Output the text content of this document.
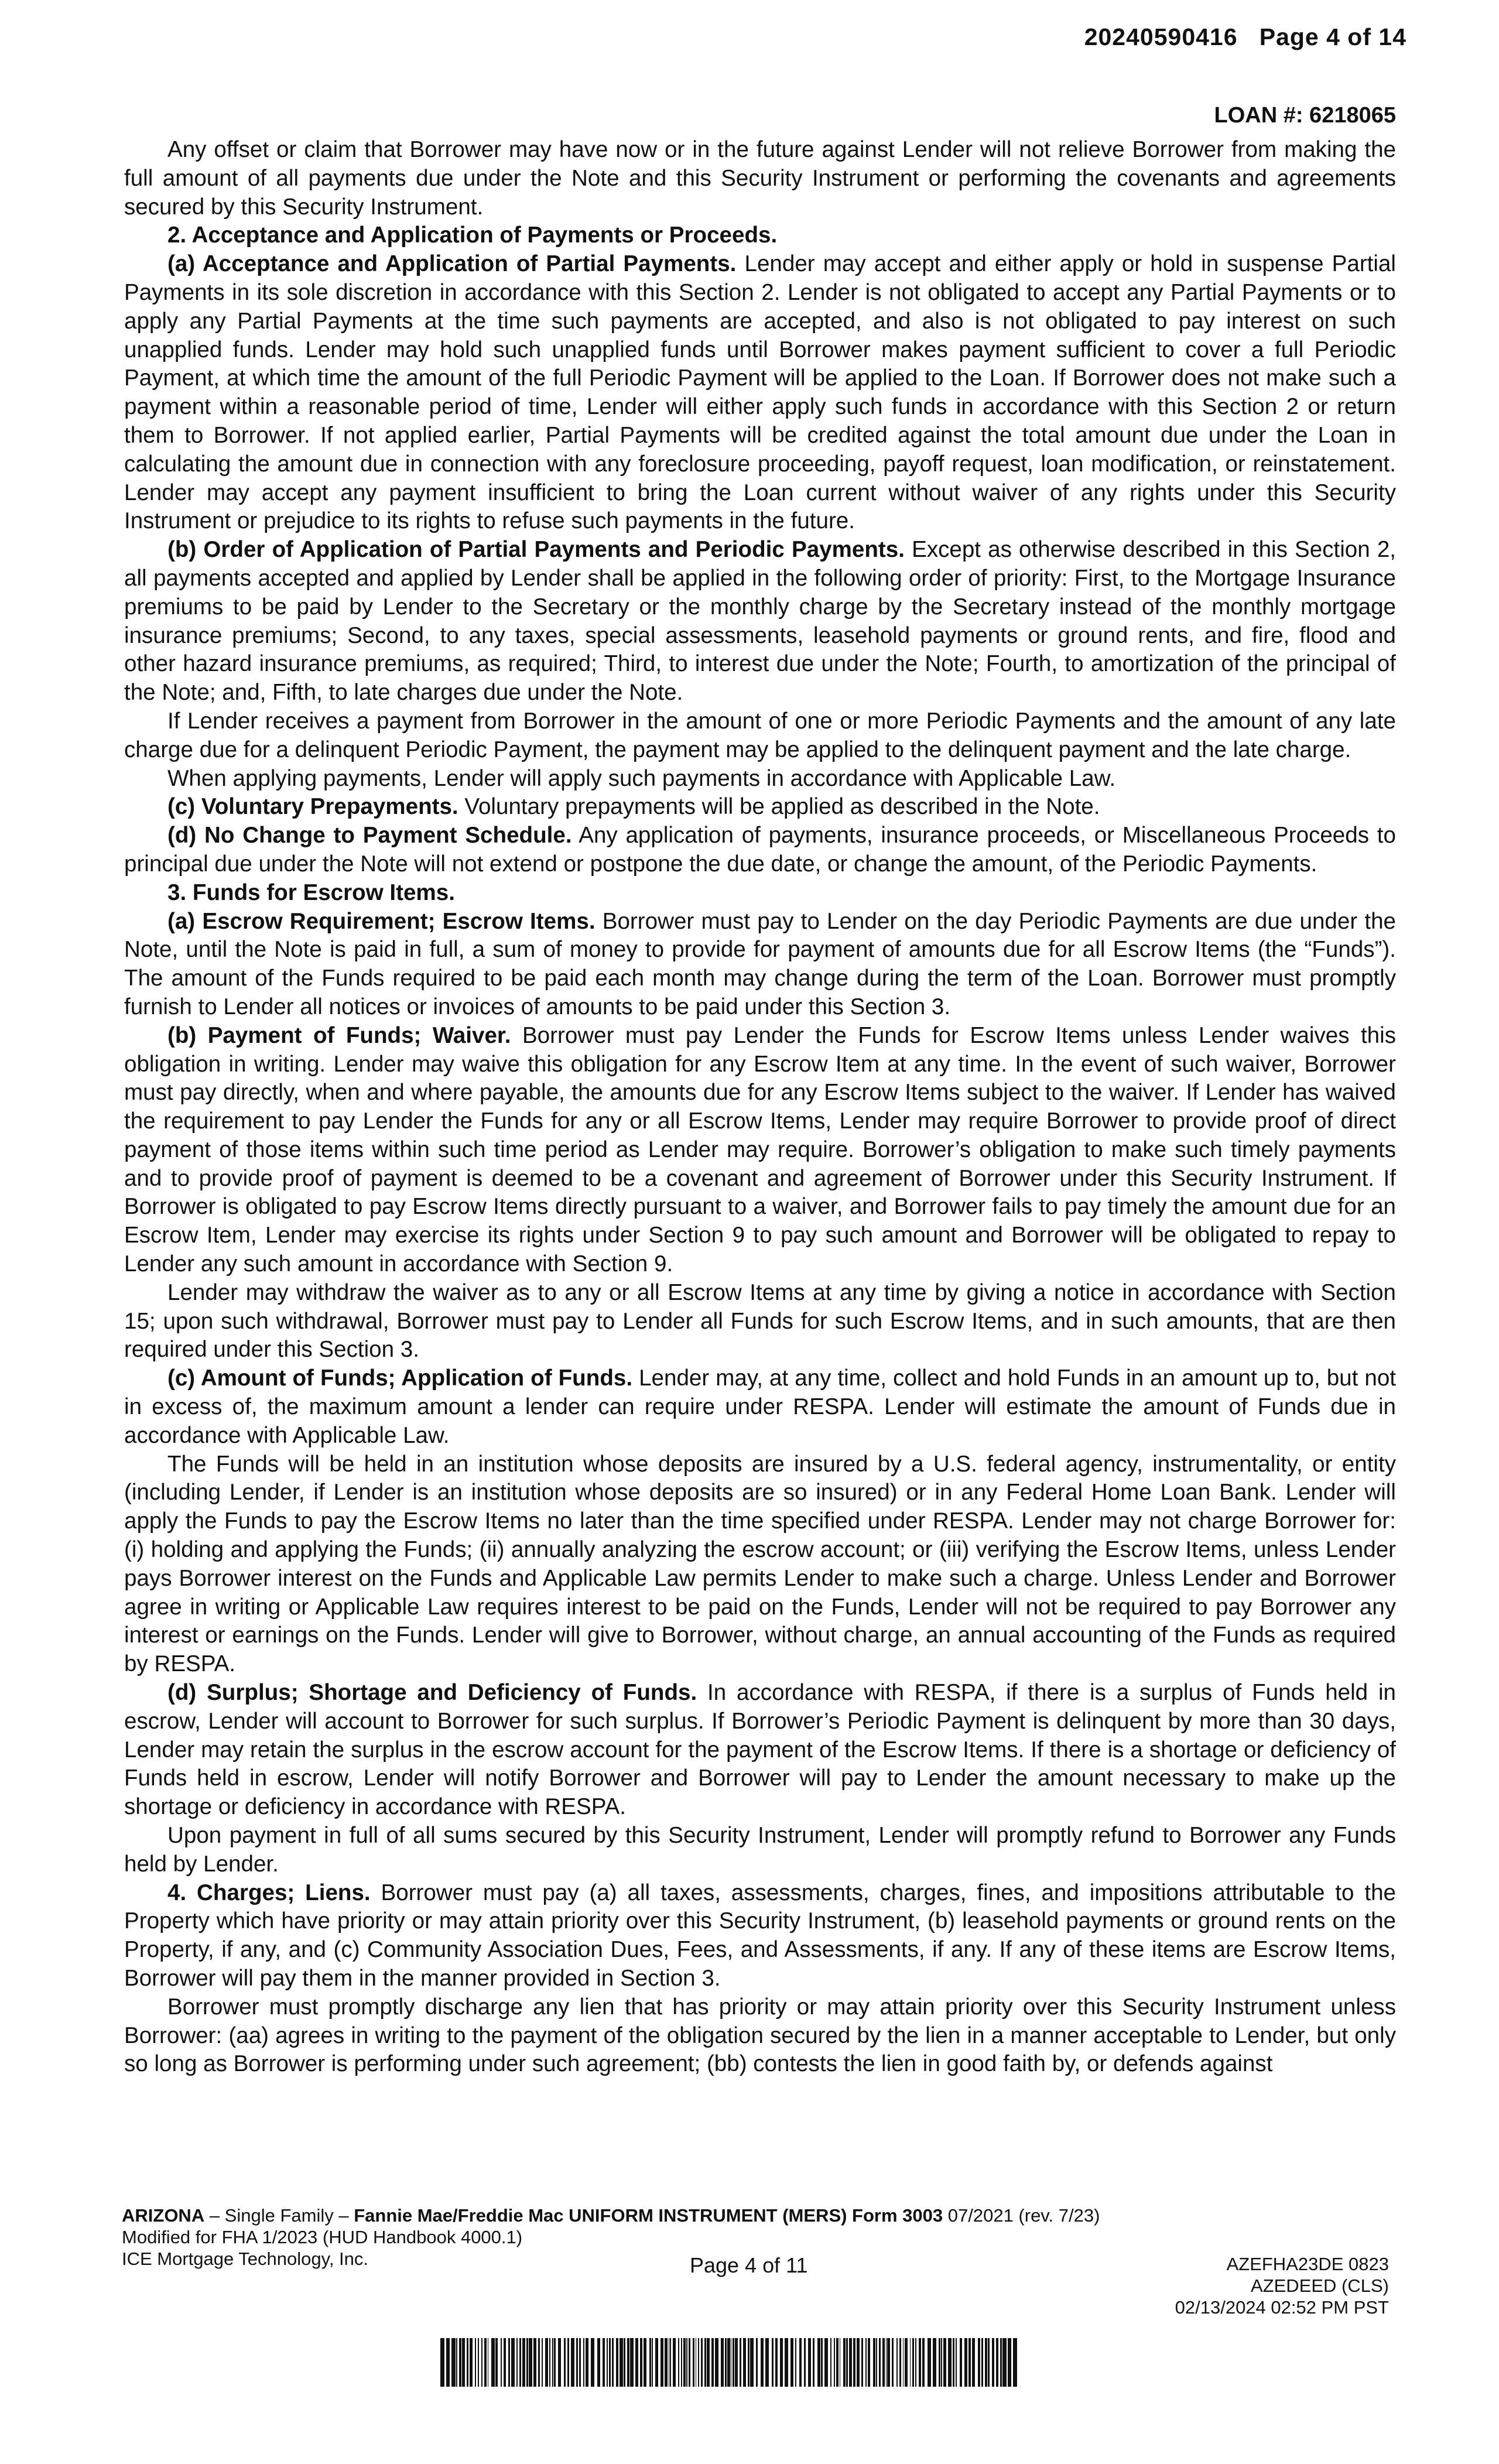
20240590416 Page 4 of 14
LOAN #: 6218065

Any offset or claim that Borrower may have now or in the future against Lender will not relieve Borrower from making the full amount of all payments due under the Note and this Security Instrument or performing the covenants and agreements secured by this Security Instrument.

2. Acceptance and Application of Payments or Proceeds.

(a) Acceptance and Application of Partial Payments. Lender may accept and either apply or hold in suspense Partial Payments in its sole discretion in accordance with this Section 2. Lender is not obligated to accept any Partial Payments or to apply any Partial Payments at the time such payments are accepted, and also is not obligated to pay interest on such unapplied funds. Lender may hold such unapplied funds until Borrower makes payment sufficient to cover a full Periodic Payment, at which time the amount of the full Periodic Payment will be applied to the Loan. If Borrower does not make such a payment within a reasonable period of time, Lender will either apply such funds in accordance with this Section 2 or return them to Borrower. If not applied earlier, Partial Payments will be credited against the total amount due under the Loan in calculating the amount due in connection with any foreclosure proceeding, payoff request, loan modification, or reinstatement. Lender may accept any payment insufficient to bring the Loan current without waiver of any rights under this Security Instrument or prejudice to its rights to refuse such payments in the future.

(b) Order of Application of Partial Payments and Periodic Payments. Except as otherwise described in this Section 2, all payments accepted and applied by Lender shall be applied in the following order of priority: First, to the Mortgage Insurance premiums to be paid by Lender to the Secretary or the monthly charge by the Secretary instead of the monthly mortgage insurance premiums; Second, to any taxes, special assessments, leasehold payments or ground rents, and fire, flood and other hazard insurance premiums, as required; Third, to interest due under the Note; Fourth, to amortization of the principal of the Note; and, Fifth, to late charges due under the Note.

If Lender receives a payment from Borrower in the amount of one or more Periodic Payments and the amount of any late charge due for a delinquent Periodic Payment, the payment may be applied to the delinquent payment and the late charge.

When applying payments, Lender will apply such payments in accordance with Applicable Law.

(c) Voluntary Prepayments. Voluntary prepayments will be applied as described in the Note.

(d) No Change to Payment Schedule. Any application of payments, insurance proceeds, or Miscellaneous Proceeds to principal due under the Note will not extend or postpone the due date, or change the amount, of the Periodic Payments.

3. Funds for Escrow Items.

(a) Escrow Requirement; Escrow Items. Borrower must pay to Lender on the day Periodic Payments are due under the Note, until the Note is paid in full, a sum of money to provide for payment of amounts due for all Escrow Items (the “Funds”). The amount of the Funds required to be paid each month may change during the term of the Loan. Borrower must promptly furnish to Lender all notices or invoices of amounts to be paid under this Section 3.

(b) Payment of Funds; Waiver. Borrower must pay Lender the Funds for Escrow Items unless Lender waives this obligation in writing. Lender may waive this obligation for any Escrow Item at any time. In the event of such waiver, Borrower must pay directly, when and where payable, the amounts due for any Escrow Items subject to the waiver. If Lender has waived the requirement to pay Lender the Funds for any or all Escrow Items, Lender may require Borrower to provide proof of direct payment of those items within such time period as Lender may require. Borrower’s obligation to make such timely payments and to provide proof of payment is deemed to be a covenant and agreement of Borrower under this Security Instrument. If Borrower is obligated to pay Escrow Items directly pursuant to a waiver, and Borrower fails to pay timely the amount due for an Escrow Item, Lender may exercise its rights under Section 9 to pay such amount and Borrower will be obligated to repay to Lender any such amount in accordance with Section 9.

Lender may withdraw the waiver as to any or all Escrow Items at any time by giving a notice in accordance with Section 15; upon such withdrawal, Borrower must pay to Lender all Funds for such Escrow Items, and in such amounts, that are then required under this Section 3.

(c) Amount of Funds; Application of Funds. Lender may, at any time, collect and hold Funds in an amount up to, but not in excess of, the maximum amount a lender can require under RESPA. Lender will estimate the amount of Funds due in accordance with Applicable Law.

The Funds will be held in an institution whose deposits are insured by a U.S. federal agency, instrumentality, or entity (including Lender, if Lender is an institution whose deposits are so insured) or in any Federal Home Loan Bank. Lender will apply the Funds to pay the Escrow Items no later than the time specified under RESPA. Lender may not charge Borrower for: (i) holding and applying the Funds; (ii) annually analyzing the escrow account; or (iii) verifying the Escrow Items, unless Lender pays Borrower interest on the Funds and Applicable Law permits Lender to make such a charge. Unless Lender and Borrower agree in writing or Applicable Law requires interest to be paid on the Funds, Lender will not be required to pay Borrower any interest or earnings on the Funds. Lender will give to Borrower, without charge, an annual accounting of the Funds as required by RESPA.

(d) Surplus; Shortage and Deficiency of Funds. In accordance with RESPA, if there is a surplus of Funds held in escrow, Lender will account to Borrower for such surplus. If Borrower’s Periodic Payment is delinquent by more than 30 days, Lender may retain the surplus in the escrow account for the payment of the Escrow Items. If there is a shortage or deficiency of Funds held in escrow, Lender will notify Borrower and Borrower will pay to Lender the amount necessary to make up the shortage or deficiency in accordance with RESPA.

Upon payment in full of all sums secured by this Security Instrument, Lender will promptly refund to Borrower any Funds held by Lender.

4. Charges; Liens. Borrower must pay (a) all taxes, assessments, charges, fines, and impositions attributable to the Property which have priority or may attain priority over this Security Instrument, (b) leasehold payments or ground rents on the Property, if any, and (c) Community Association Dues, Fees, and Assessments, if any. If any of these items are Escrow Items, Borrower will pay them in the manner provided in Section 3.

Borrower must promptly discharge any lien that has priority or may attain priority over this Security Instrument unless Borrower: (aa) agrees in writing to the payment of the obligation secured by the lien in a manner acceptable to Lender, but only so long as Borrower is performing under such agreement; (bb) contests the lien in good faith by, or defends against

ARIZONA – Single Family – Fannie Mae/Freddie Mac UNIFORM INSTRUMENT (MERS) Form 3003 07/2021 (rev. 7/23)
Modified for FHA 1/2023 (HUD Handbook 4000.1)
ICE Mortgage Technology, Inc.	Page 4 of 11	AZEFHA23DE 0823
AZEDEED (CLS)
02/13/2024 02:52 PM PST
